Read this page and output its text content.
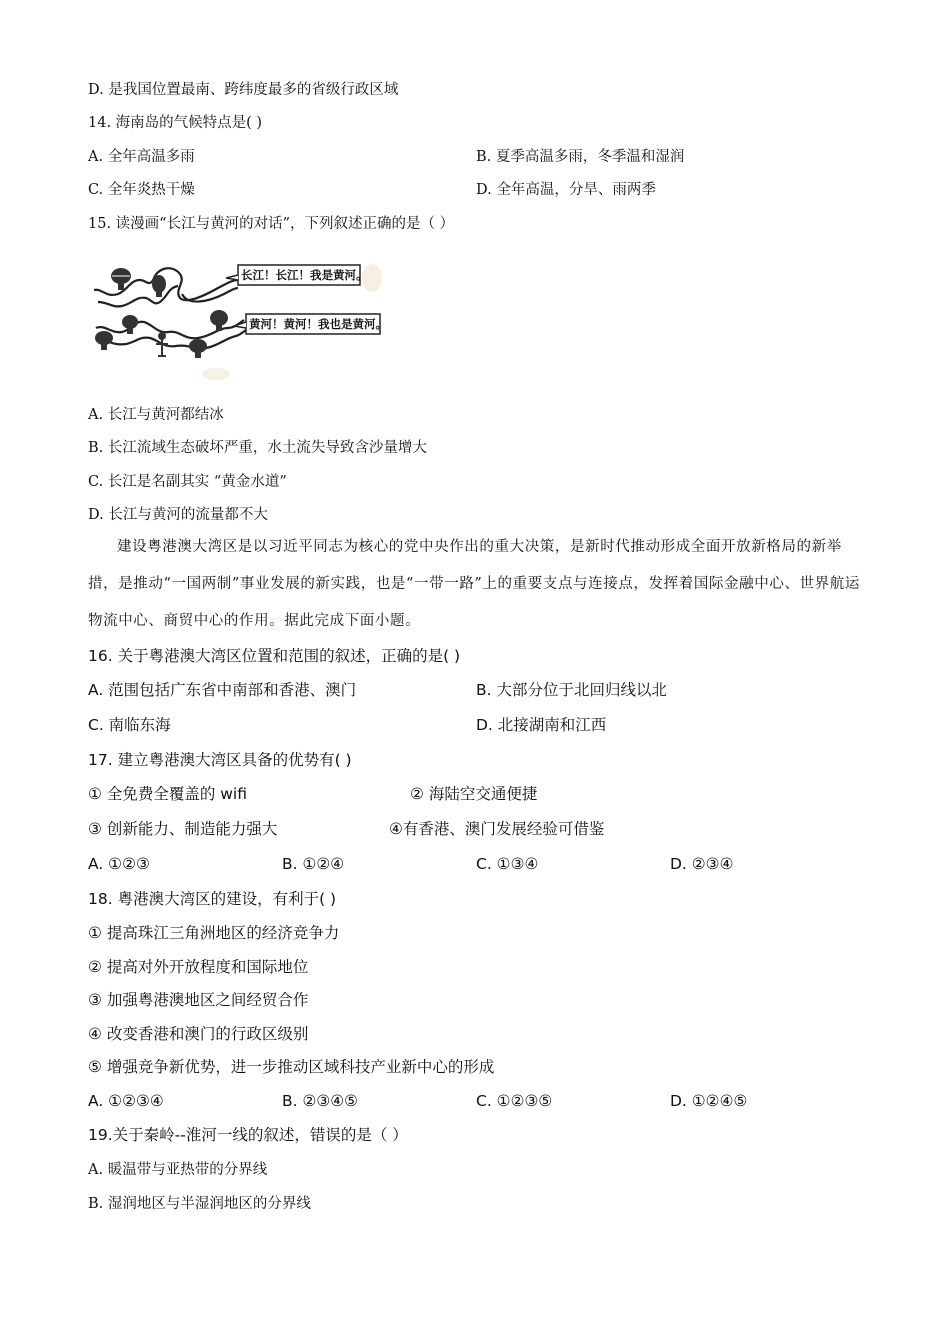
D. 是我国位置最南、跨纬度最多的省级行政区域
14. 海南岛的气候特点是( )
A. 全年高温多雨	B. 夏季高温多雨，冬季温和湿润
C. 全年炎热干燥	D. 全年高温，分旱、雨两季
15. 读漫画“长江与黄河的对话”，下列叙述正确的是（ ）
长江！长江！我是黄河。
黄河！黄河！我也是黄河。
A. 长江与黄河都结冰
B. 长江流域生态破坏严重，水土流失导致含沙量增大
C. 长江是名副其实 “黄金水道”
D. 长江与黄河的流量都不大
建设粤港澳大湾区是以习近平同志为核心的党中央作出的重大决策，是新时代推动形成全面开放新格局的新举措，是推动“一国两制”事业发展的新实践，也是“一带一路”上的重要支点与连接点，发挥着国际金融中心、世界航运物流中心、商贸中心的作用。据此完成下面小题。
16. 关于粤港澳大湾区位置和范围的叙述，正确的是( )
A. 范围包括广东省中南部和香港、澳门	B. 大部分位于北回归线以北
C. 南临东海	D. 北接湖南和江西
17. 建立粤港澳大湾区具备的优势有( )
① 全免费全覆盖的 wifi	② 海陆空交通便捷
③ 创新能力、制造能力强大	④有香港、澳门发展经验可借鉴
A. ①②③	B. ①②④	C. ①③④	D. ②③④
18. 粤港澳大湾区的建设，有利于( )
① 提高珠江三角洲地区的经济竞争力
② 提高对外开放程度和国际地位
③ 加强粤港澳地区之间经贸合作
④ 改变香港和澳门的行政区级别
⑤ 增强竞争新优势，进一步推动区域科技产业新中心的形成
A. ①②③④	B. ②③④⑤	C. ①②③⑤	D. ①②④⑤
19.关于秦岭--淮河一线的叙述，错误的是（ ）
A. 暖温带与亚热带的分界线
B. 湿润地区与半湿润地区的分界线
